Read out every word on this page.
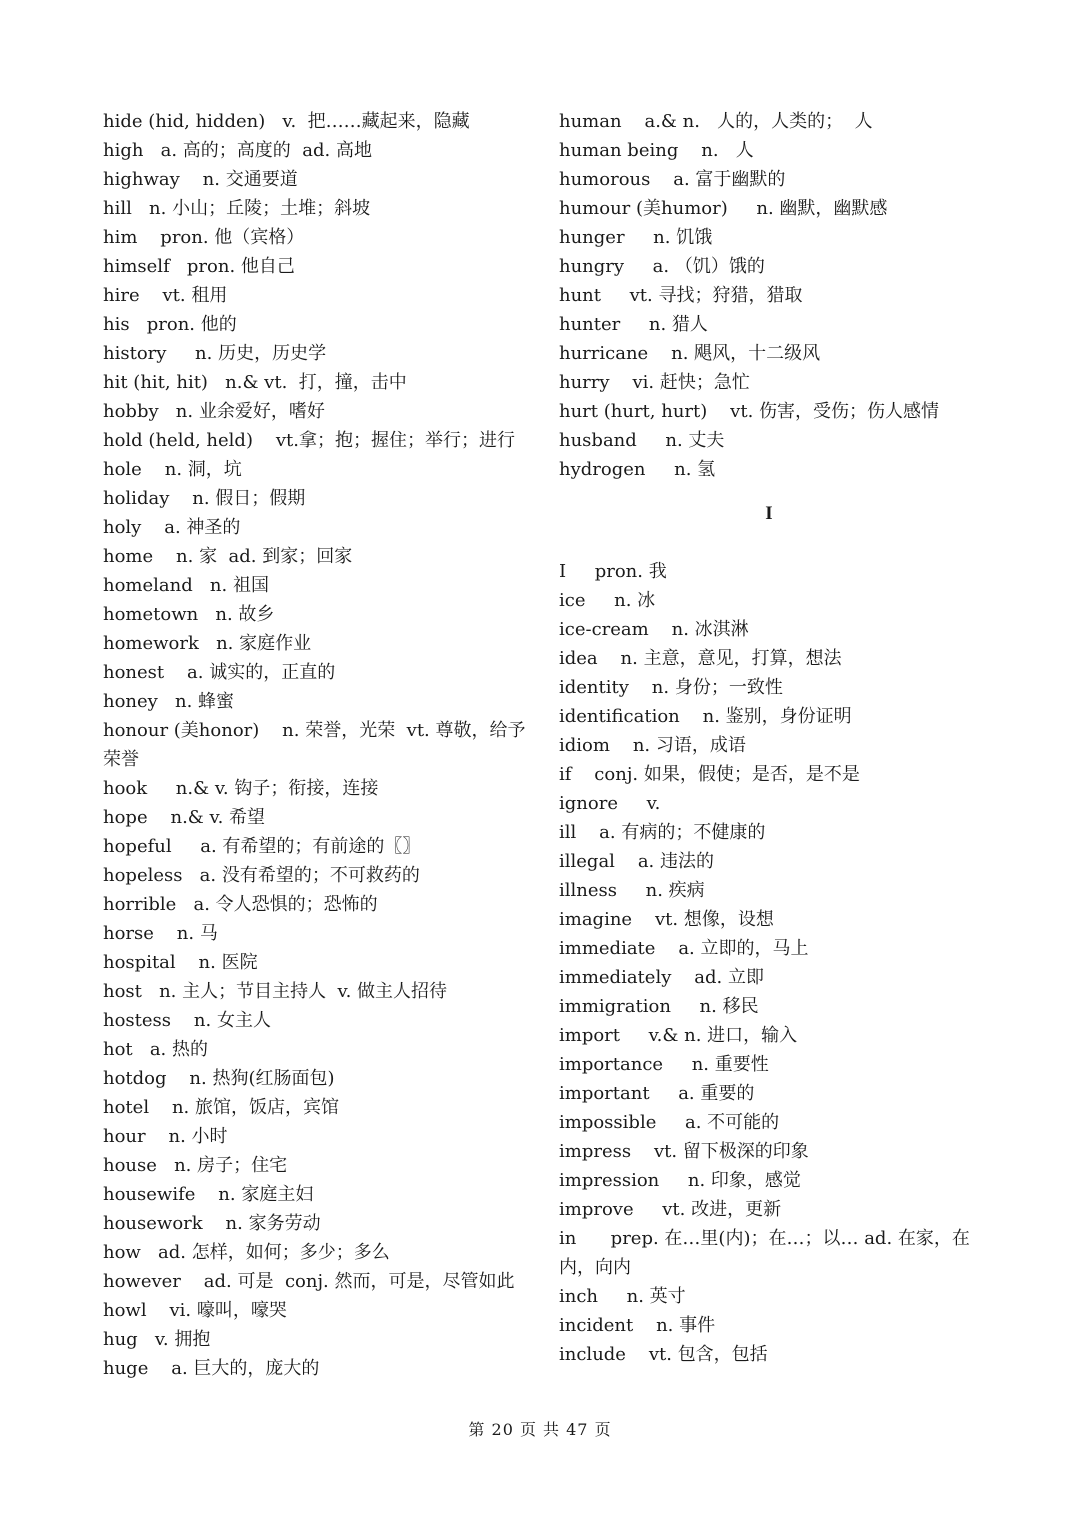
hide (hid, hidden)   v.  把……藏起来，隐藏
high   a. 高的；高度的  ad. 高地
highway    n. 交通要道
hill   n. 小山；丘陵；土堆；斜坡
him    pron. 他（宾格）
himself   pron. 他自己
hire    vt. 租用
his   pron. 他的
history     n. 历史，历史学
hit (hit, hit)   n.& vt.  打，撞，击中
hobby   n. 业余爱好，嗜好
hold (held, held)    vt.拿；抱；握住；举行；进行
hole    n. 洞，坑
holiday    n. 假日；假期
holy    a. 神圣的
home    n. 家  ad. 到家；回家
homeland   n. 祖国
hometown   n. 故乡
homework   n. 家庭作业
honest    a. 诚实的，正直的
honey   n. 蜂蜜
honour (美honor)    n. 荣誉，光荣  vt. 尊敬，给予荣誉
hook     n.& v. 钩子；衔接，连接
hope    n.& v. 希望
hopeful     a. 有希望的；有前途的〖〗
hopeless   a. 没有希望的；不可救药的
horrible   a. 令人恐惧的；恐怖的
horse    n. 马
hospital    n. 医院
host   n. 主人；节目主持人  v. 做主人招待
hostess    n. 女主人
hot   a. 热的
hotdog    n. 热狗(红肠面包)
hotel    n. 旅馆，饭店，宾馆
hour    n. 小时
house   n. 房子；住宅
housewife    n. 家庭主妇
housework    n. 家务劳动
how   ad. 怎样，如何；多少；多么
however    ad. 可是  conj. 然而，可是，尽管如此
howl    vi. 嚎叫，嚎哭
hug   v. 拥抱
huge    a. 巨大的，庞大的
human    a.& n.   人的，人类的；  人
human being    n.   人
humorous    a. 富于幽默的
humour (美humor)     n. 幽默，幽默感
hunger     n. 饥饿
hungry     a. （饥）饿的
hunt     vt. 寻找；狩猎，猎取
hunter     n. 猎人
hurricane    n. 飓风，十二级风
hurry    vi. 赶快；急忙
hurt (hurt, hurt)    vt. 伤害，受伤；伤人感情
husband     n. 丈夫
hydrogen     n. 氢
I
I     pron. 我
ice     n. 冰
ice-cream    n. 冰淇淋
idea    n. 主意，意见，打算，想法
identity    n. 身份；一致性
identification    n. 鉴别，身份证明
idiom    n. 习语，成语
if    conj. 如果，假使；是否，是不是
ignore     v.
ill    a. 有病的；不健康的
illegal    a. 违法的
illness     n. 疾病
imagine    vt. 想像，设想
immediate    a. 立即的，马上
immediately    ad. 立即
immigration     n. 移民
import     v.& n. 进口，输入
importance     n. 重要性
important     a. 重要的
impossible     a. 不可能的
impress    vt. 留下极深的印象
impression     n. 印象，感觉
improve     vt. 改进，更新
in      prep. 在…里(内)；在…；以… ad. 在家，在内，向内
inch     n. 英寸
incident    n. 事件
include    vt. 包含，包括
第 20 页 共 47 页
